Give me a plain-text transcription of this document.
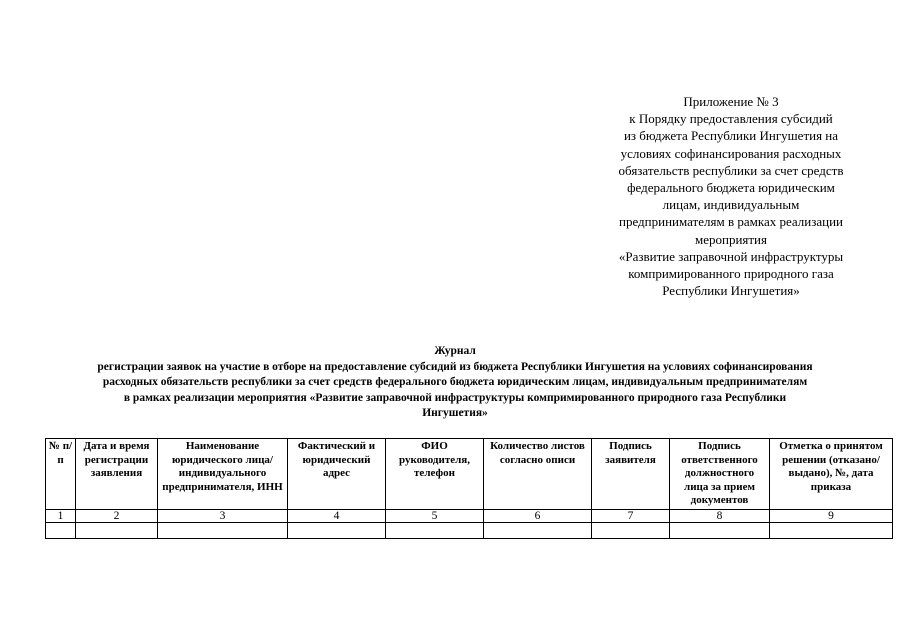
Приложение № 3
к Порядку предоставления субсидий
из бюджета Республики Ингушетия на
условиях софинансирования расходных
обязательств республики за счет средств
федерального бюджета юридическим
лицам, индивидуальным
предпринимателям в рамках реализации
мероприятия
«Развитие заправочной инфраструктуры
компримированного природного газа
Республики Ингушетия»
Журнал
регистрации заявок на участие в отборе на предоставление субсидий из бюджета Республики Ингушетия на условиях софинансирования
расходных обязательств республики за счет средств федерального бюджета юридическим лицам, индивидуальным предпринимателям
в рамках реализации мероприятия «Развитие заправочной инфраструктуры компримированного природного газа Республики
Ингушетия»
№ п/п	Дата и время регистрации заявления	Наименование юридического лица/ индивидуального предпринимателя, ИНН	Фактический и юридический адрес	ФИО руководителя, телефон	Количество листов согласно описи	Подпись заявителя	Подпись ответственного должностного лица за прием документов	Отметка о принятом решении (отказано/выдано), №, дата приказа
1	2	3	4	5	6	7	8	9
